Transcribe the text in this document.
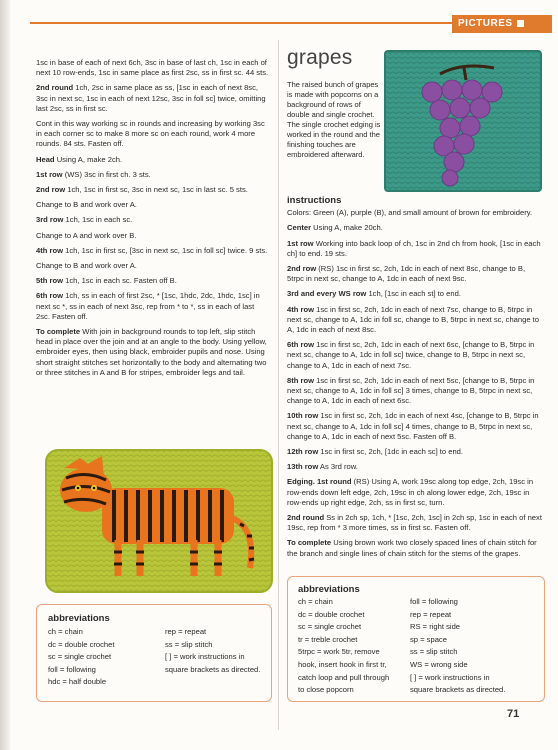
PICTURES

1sc in base of each of next 6ch, 3sc in base of last ch, 1sc in each of next 10 row-ends, 1sc in same place as first 2sc, ss in first sc. 44 sts.

2nd round 1ch, 2sc in same place as ss, [1sc in each of next 8sc, 3sc in next sc, 1sc in each of next 12sc, 3sc in foll sc] twice, omitting last 2sc, ss in first sc.

Cont in this way working sc in rounds and increasing by working 3sc in each corner sc to make 8 more sc on each round, work 4 more rounds. 84 sts. Fasten off.

Head Using A, make 2ch.

1st row (WS) 3sc in first ch. 3 sts.

2nd row 1ch, 1sc in first sc, 3sc in next sc, 1sc in last sc. 5 sts.

Change to B and work over A.

3rd row 1ch, 1sc in each sc.

Change to A and work over B.

4th row 1ch, 1sc in first sc, [3sc in next sc, 1sc in foll sc] twice. 9 sts.

Change to B and work over A.

5th row 1ch, 1sc in each sc. Fasten off B.

6th row 1ch, ss in each of first 2sc, * [1sc, 1hdc, 2dc, 1hdc, 1sc] in next sc *, ss in each of next 3sc, rep from * to *, ss in each of last 2sc. Fasten off.

To complete With join in background rounds to top left, slip stitch head in place over the join and at an angle to the body. Using yellow, embroider eyes, then using black, embroider pupils and nose. Using short straight stitches set horizontally to the body and alternating two or three stitches in A and B for stripes, embroider legs and tail.

abbreviations
ch = chain
dc = double crochet
sc = single crochet
foll = following
hdc = half double
rep = repeat
ss = slip stitch
[ ] = work instructions in
square brackets as directed.
grapes
The raised bunch of grapes is made with popcorns on a background of rows of double and single crochet. The single crochet edging is worked in the round and the finishing touches are embroidered afterward.
instructions

Colors: Green (A), purple (B), and small amount of brown for embroidery.

Center Using A, make 20ch.

1st row Working into back loop of ch, 1sc in 2nd ch from hook, [1sc in each ch] to end. 19 sts.

2nd row (RS) 1sc in first sc, 2ch, 1dc in each of next 8sc, change to B, 5trpc in next sc, change to A, 1dc in each of next 9sc.

3rd and every WS row 1ch, [1sc in each st] to end.

4th row 1sc in first sc, 2ch, 1dc in each of next 7sc, change to B, 5trpc in next sc, change to A, 1dc in foll sc, change to B, 5trpc in next sc, change to A, 1dc in each of next 8sc.

6th row 1sc in first sc, 2ch, 1dc in each of next 6sc, [change to B, 5trpc in next sc, change to A, 1dc in foll sc] twice, change to B, 5trpc in next sc, change to A, 1dc in each of next 7sc.

8th row 1sc in first sc, 2ch, 1dc in each of next 5sc, [change to B, 5trpc in next sc, change to A, 1dc in foll sc] 3 times, change to B, 5trpc in next sc, change to A, 1dc in each of next 6sc.

10th row 1sc in first sc, 2ch, 1dc in each of next 4sc, [change to B, 5trpc in next sc, change to A, 1dc in foll sc] 4 times, change to B, 5trpc in next sc, change to A, 1dc in each of next 5sc. Fasten off B.

12th row 1sc in first sc, 2ch, [1dc in each sc] to end.

13th row As 3rd row.

Edging. 1st round (RS) Using A, work 19sc along top edge, 2ch, 19sc in row-ends down left edge, 2ch, 19sc in ch along lower edge, 2ch, 19sc in row-ends up right edge, 2ch, ss in first sc, turn.

2nd round Ss in 2ch sp, 1ch, * [1sc, 2ch, 1sc] in 2ch sp, 1sc in each of next 19sc, rep from * 3 more times, ss in first sc. Fasten off.

To complete Using brown work two closely spaced lines of chain stitch for the branch and single lines of chain stitch for the stems of the grapes.

abbreviations
ch = chain
dc = double crochet
sc = single crochet
tr = treble crochet
5trpc = work 5tr, remove
hook, insert hook in first tr,
catch loop and pull through
to close popcorn
foll = following
rep = repeat
RS = right side
sp = space
ss = slip stitch
WS = wrong side
[ ] = work instructions in
square brackets as directed.
71
